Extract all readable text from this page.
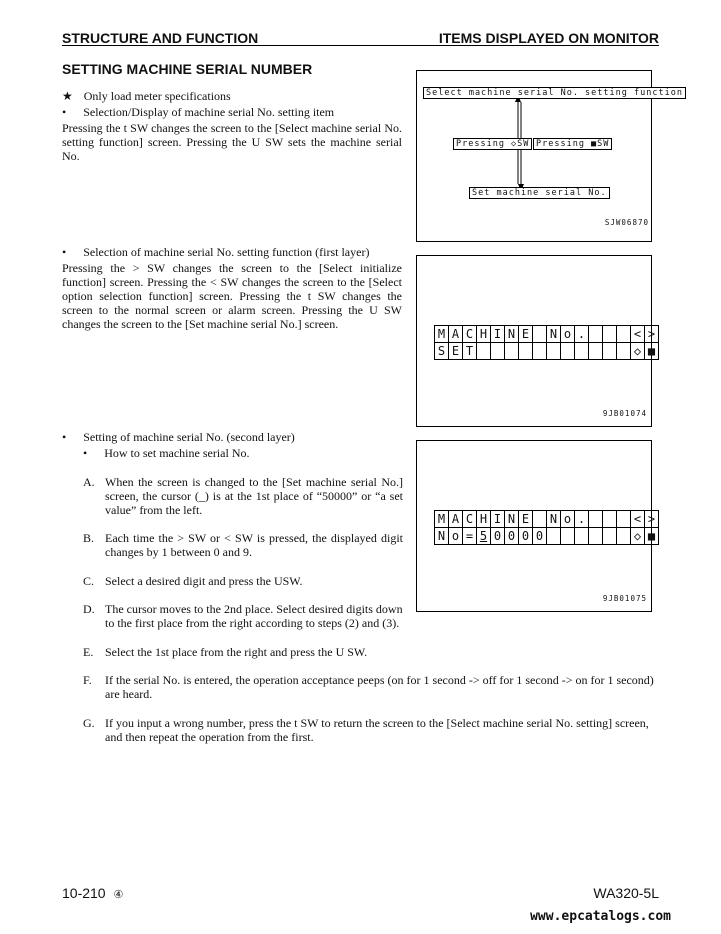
STRUCTURE AND FUNCTION	ITEMS DISPLAYED ON MONITOR
SETTING MACHINE SERIAL NUMBER
★ Only load meter specifications
• Selection/Display of machine serial No. setting item
Pressing the t SW changes the screen to the [Select machine serial No. setting function] screen. Pressing the U SW sets the machine serial No.
Select machine serial No. setting function
Pressing ◇SW Pressing ■SW
Set machine serial No.
SJW06870
• Selection of machine serial No. setting function (first layer)
Pressing the > SW changes the screen to the [Select initialize function] screen. Pressing the < SW changes the screen to the [Select option selection function] screen. Pressing the t SW changes the screen to the normal screen or alarm screen. Pressing the U SW changes the screen to the [Set machine serial No.] screen.
M A C H I N E	N o .	< >
S E T	◇ ■
9JB01074
• Setting of machine serial No. (second layer)
• How to set machine serial No.
A. When the screen is changed to the [Set machine serial No.] screen, the cursor (_) is at the 1st place of “50000” or “a set value” from the left.
B. Each time the > SW or < SW is pressed, the displayed digit changes by 1 between 0 and 9.
C. Select a desired digit and press the USW.
D. The cursor moves to the 2nd place. Select desired digits down to the first place from the right according to steps (2) and (3).
E. Select the 1st place from the right and press the U SW.
F. If the serial No. is entered, the operation acceptance peeps (on for 1 second -> off for 1 second -> on for 1 second) are heard.
G. If you input a wrong number, press the t SW to return the screen to the [Select machine serial No. setting] screen, and then repeat the operation from the first.
M A C H I N E	N o .	< >
N o = 5 0 0 0 0	◇ ■
9JB01075
10-210 ④	WA320-5L
www.epcatalogs.com
